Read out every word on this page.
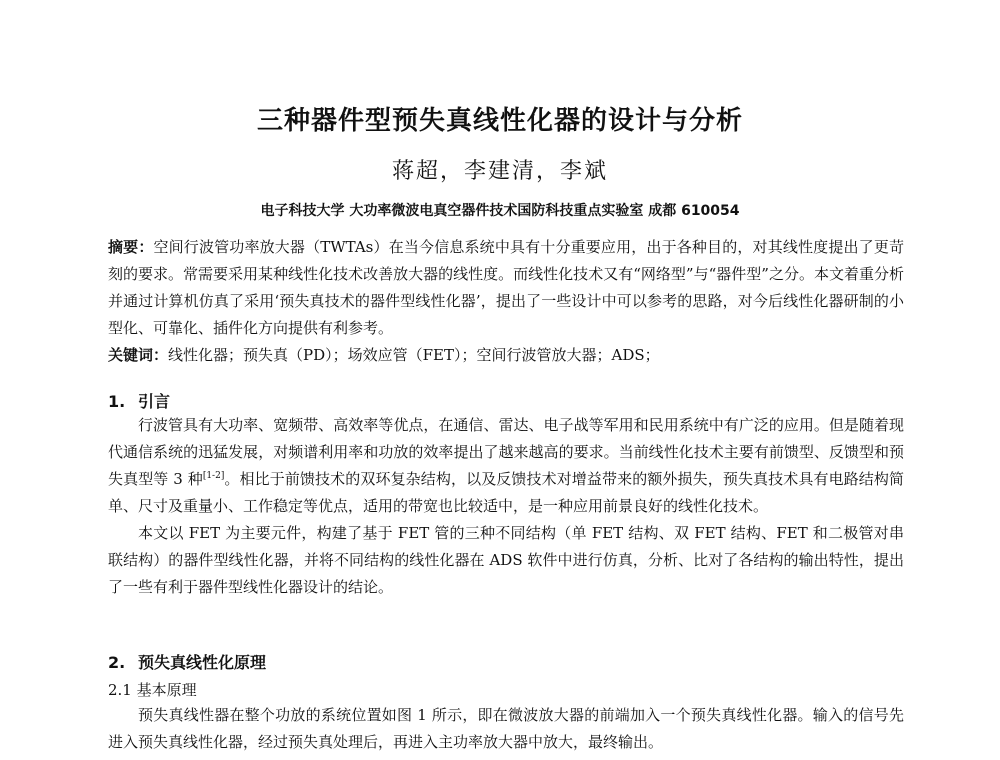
三种器件型预失真线性化器的设计与分析
蒋超，李建清，李斌
电子科技大学 大功率微波电真空器件技术国防科技重点实验室 成都 610054
摘要：空间行波管功率放大器（TWTAs）在当今信息系统中具有十分重要应用，出于各种目的，对其线性度提出了更苛刻的要求。常需要采用某种线性化技术改善放大器的线性度。而线性化技术又有“网络型”与“器件型”之分。本文着重分析并通过计算机仿真了采用‘预失真技术的器件型线性化器’，提出了一些设计中可以参考的思路，对今后线性化器研制的小型化、可靠化、插件化方向提供有利参考。
关键词：线性化器；预失真（PD）；场效应管（FET）；空间行波管放大器；ADS；
1. 引言
行波管具有大功率、宽频带、高效率等优点，在通信、雷达、电子战等军用和民用系统中有广泛的应用。但是随着现代通信系统的迅猛发展，对频谱利用率和功放的效率提出了越来越高的要求。当前线性化技术主要有前馈型、反馈型和预失真型等 3 种[1-2]。相比于前馈技术的双环复杂结构，以及反馈技术对增益带来的额外损失，预失真技术具有电路结构简单、尺寸及重量小、工作稳定等优点，适用的带宽也比较适中，是一种应用前景良好的线性化技术。
本文以 FET 为主要元件，构建了基于 FET 管的三种不同结构（单 FET 结构、双 FET 结构、FET 和二极管对串联结构）的器件型线性化器，并将不同结构的线性化器在 ADS 软件中进行仿真，分析、比对了各结构的输出特性，提出了一些有利于器件型线性化器设计的结论。
2. 预失真线性化原理
2.1 基本原理
预失真线性器在整个功放的系统位置如图 1 所示，即在微波放大器的前端加入一个预失真线性化器。输入的信号先进入预失真线性化器，经过预失真处理后，再进入主功率放大器中放大，最终输出。
